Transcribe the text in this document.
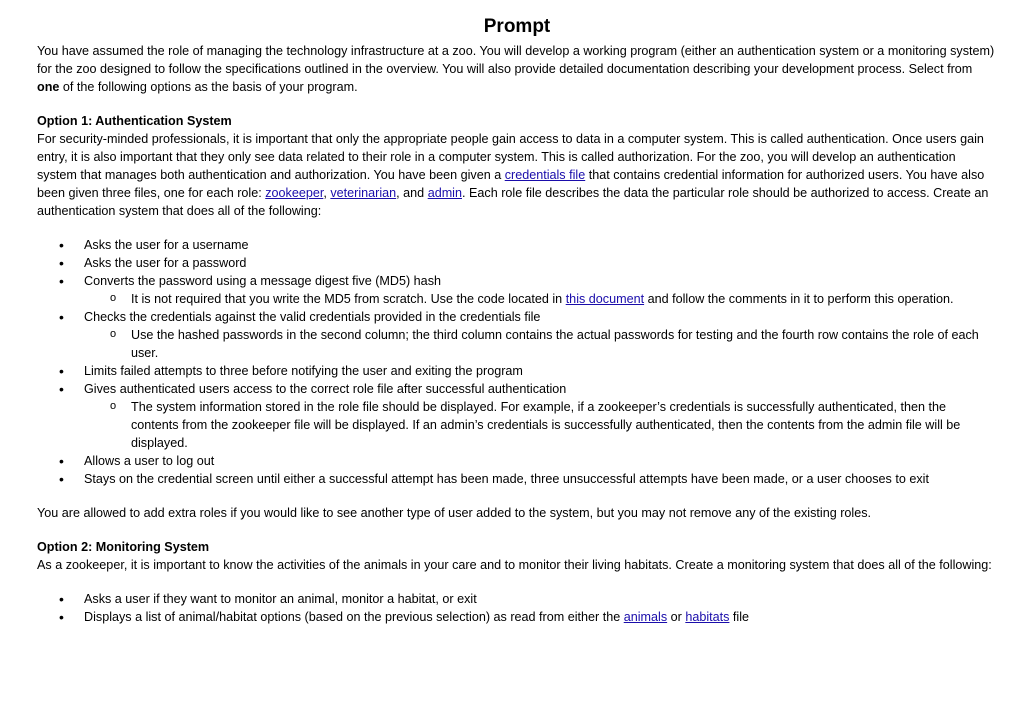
Prompt

You have assumed the role of managing the technology infrastructure at a zoo. You will develop a working program (either an authentication system or a monitoring system) for the zoo designed to follow the specifications outlined in the overview. You will also provide detailed documentation describing your development process. Select from one of the following options as the basis of your program.

Option 1: Authentication System

For security-minded professionals, it is important that only the appropriate people gain access to data in a computer system. This is called authentication. Once users gain entry, it is also important that they only see data related to their role in a computer system. This is called authorization. For the zoo, you will develop an authentication system that manages both authentication and authorization. You have been given a credentials file that contains credential information for authorized users. You have also been given three files, one for each role: zookeeper, veterinarian, and admin. Each role file describes the data the particular role should be authorized to access. Create an authentication system that does all of the following:

• Asks the user for a username
• Asks the user for a password
• Converts the password using a message digest five (MD5) hash
o It is not required that you write the MD5 from scratch. Use the code located in this document and follow the comments in it to perform this operation.
• Checks the credentials against the valid credentials provided in the credentials file
o Use the hashed passwords in the second column; the third column contains the actual passwords for testing and the fourth row contains the role of each user.
• Limits failed attempts to three before notifying the user and exiting the program
• Gives authenticated users access to the correct role file after successful authentication
o The system information stored in the role file should be displayed. For example, if a zookeeper’s credentials is successfully authenticated, then the contents from the zookeeper file will be displayed. If an admin’s credentials is successfully authenticated, then the contents from the admin file will be displayed.
• Allows a user to log out
• Stays on the credential screen until either a successful attempt has been made, three unsuccessful attempts have been made, or a user chooses to exit

You are allowed to add extra roles if you would like to see another type of user added to the system, but you may not remove any of the existing roles.

Option 2: Monitoring System

As a zookeeper, it is important to know the activities of the animals in your care and to monitor their living habitats. Create a monitoring system that does all of the following:

• Asks a user if they want to monitor an animal, monitor a habitat, or exit
• Displays a list of animal/habitat options (based on the previous selection) as read from either the animals or habitats file
